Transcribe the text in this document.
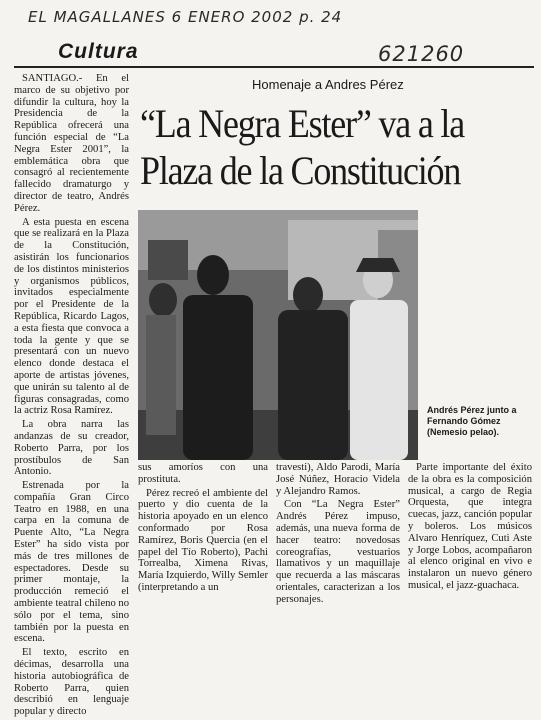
EL MAGALLANES 6 ENERO 2002 p. 24
621260
Cultura
Homenaje a Andres Pérez
“La Negra Ester” va a la Plaza de la Constitución

SANTIAGO.- En el marco de su objetivo por difundir la cultura, hoy la Presidencia de la República ofrecerá una función especial de “La Negra Ester 2001”, la emblemática obra que consagró al recientemente fallecido dramaturgo y director de teatro, Andrés Pérez.

A esta puesta en escena que se realizará en la Plaza de la Constitución, asistirán los funcionarios de los distintos ministerios y organismos públicos, invitados especialmente por el Presidente de la República, Ricardo Lagos, a esta fiesta que convoca a toda la gente y que se presentará con un nuevo elenco donde destaca el aporte de artistas jóvenes, que unirán su talento al de figuras consagradas, como la actriz Rosa Ramírez.

La obra narra las andanzas de su creador, Roberto Parra, por los prostíbulos de San Antonio.

Estrenada por la compañía Gran Circo Teatro en 1988, en una carpa en la comuna de Puente Alto, “La Negra Ester” ha sido vista por más de tres millones de espectadores. Desde su primer montaje, la producción remeció el ambiente teatral chileno no sólo por el tema, sino también por la puesta en escena.

El texto, escrito en décimas, desarrolla una historia autobiográfica de Roberto Parra, quien describió en lenguaje popular y directo

Andrés Pérez junto a Fernando Gómez (Nemesio pelao).

sus amoríos con una prostituta.

Pérez recreó el ambiente del puerto y dio cuenta de la historia apoyado en un elenco conformado por Rosa Ramírez, Boris Quercia (en el papel del Tío Roberto), Pachi Torrealba, Ximena Rivas, María Izquierdo, Willy Semler (interpretando a un

travesti), Aldo Parodi, María José Núñez, Horacio Videla y Alejandro Ramos.

Con “La Negra Ester” Andrés Pérez impuso, además, una nueva forma de hacer teatro: novedosas coreografías, vestuarios llamativos y un maquillaje que recuerda a las máscaras orientales, caracterizan a los personajes.

Parte importante del éxito de la obra es la composición musical, a cargo de Regia Orquesta, que integra cuecas, jazz, canción popular y boleros. Los músicos Alvaro Henríquez, Cuti Aste y Jorge Lobos, acompañaron al elenco original en vivo e instalaron un nuevo género musical, el jazz-guachaca.
